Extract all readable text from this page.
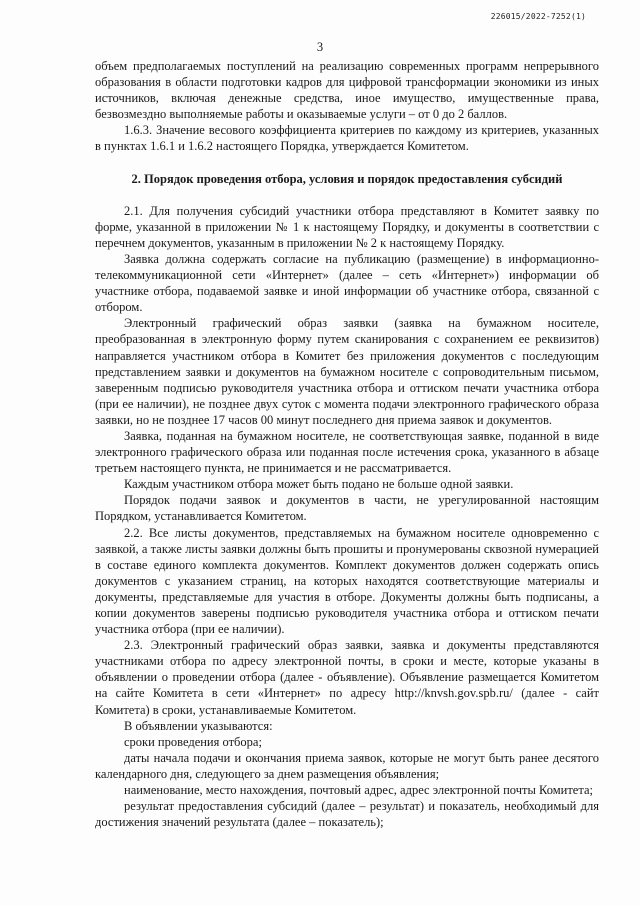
226015/2022-7252(1)
3

объем предполагаемых поступлений на реализацию современных программ непрерывного образования в области подготовки кадров для цифровой трансформации экономики из иных источников, включая денежные средства, иное имущество, имущественные права, безвозмездно выполняемые работы и оказываемые услуги – от 0 до 2 баллов.

1.6.3. Значение весового коэффициента критериев по каждому из критериев, указанных в пунктах 1.6.1 и 1.6.2 настоящего Порядка, утверждается Комитетом.

2. Порядок проведения отбора, условия и порядок предоставления субсидий

2.1. Для получения субсидий участники отбора представляют в Комитет заявку по форме, указанной в приложении № 1 к настоящему Порядку, и документы в соответствии с перечнем документов, указанным в приложении № 2 к настоящему Порядку.

Заявка должна содержать согласие на публикацию (размещение) в информационно-телекоммуникационной сети «Интернет» (далее – сеть «Интернет») информации об участнике отбора, подаваемой заявке и иной информации об участнике отбора, связанной с отбором.

Электронный графический образ заявки (заявка на бумажном носителе, преобразованная в электронную форму путем сканирования с сохранением ее реквизитов) направляется участником отбора в Комитет без приложения документов с последующим представлением заявки и документов на бумажном носителе с сопроводительным письмом, заверенным подписью руководителя участника отбора и оттиском печати участника отбора (при ее наличии), не позднее двух суток с момента подачи электронного графического образа заявки, но не позднее 17 часов 00 минут последнего дня приема заявок и документов.

Заявка, поданная на бумажном носителе, не соответствующая заявке, поданной в виде электронного графического образа или поданная после истечения срока, указанного в абзаце третьем настоящего пункта, не принимается и не рассматривается.

Каждым участником отбора может быть подано не больше одной заявки.

Порядок подачи заявок и документов в части, не урегулированной настоящим Порядком, устанавливается Комитетом.

2.2. Все листы документов, представляемых на бумажном носителе одновременно с заявкой, а также листы заявки должны быть прошиты и пронумерованы сквозной нумерацией в составе единого комплекта документов. Комплект документов должен содержать опись документов с указанием страниц, на которых находятся соответствующие материалы и документы, представляемые для участия в отборе. Документы должны быть подписаны, а копии документов заверены подписью руководителя участника отбора и оттиском печати участника отбора (при ее наличии).

2.3. Электронный графический образ заявки, заявка и документы представляются участниками отбора по адресу электронной почты, в сроки и месте, которые указаны в объявлении о проведении отбора (далее - объявление). Объявление размещается Комитетом на сайте Комитета в сети «Интернет» по адресу http://knvsh.gov.spb.ru/ (далее - сайт Комитета) в сроки, устанавливаемые Комитетом.

В объявлении указываются:

сроки проведения отбора;

даты начала подачи и окончания приема заявок, которые не могут быть ранее десятого календарного дня, следующего за днем размещения объявления;

наименование, место нахождения, почтовый адрес, адрес электронной почты Комитета;

результат предоставления субсидий (далее – результат) и показатель, необходимый для достижения значений результата (далее – показатель);
